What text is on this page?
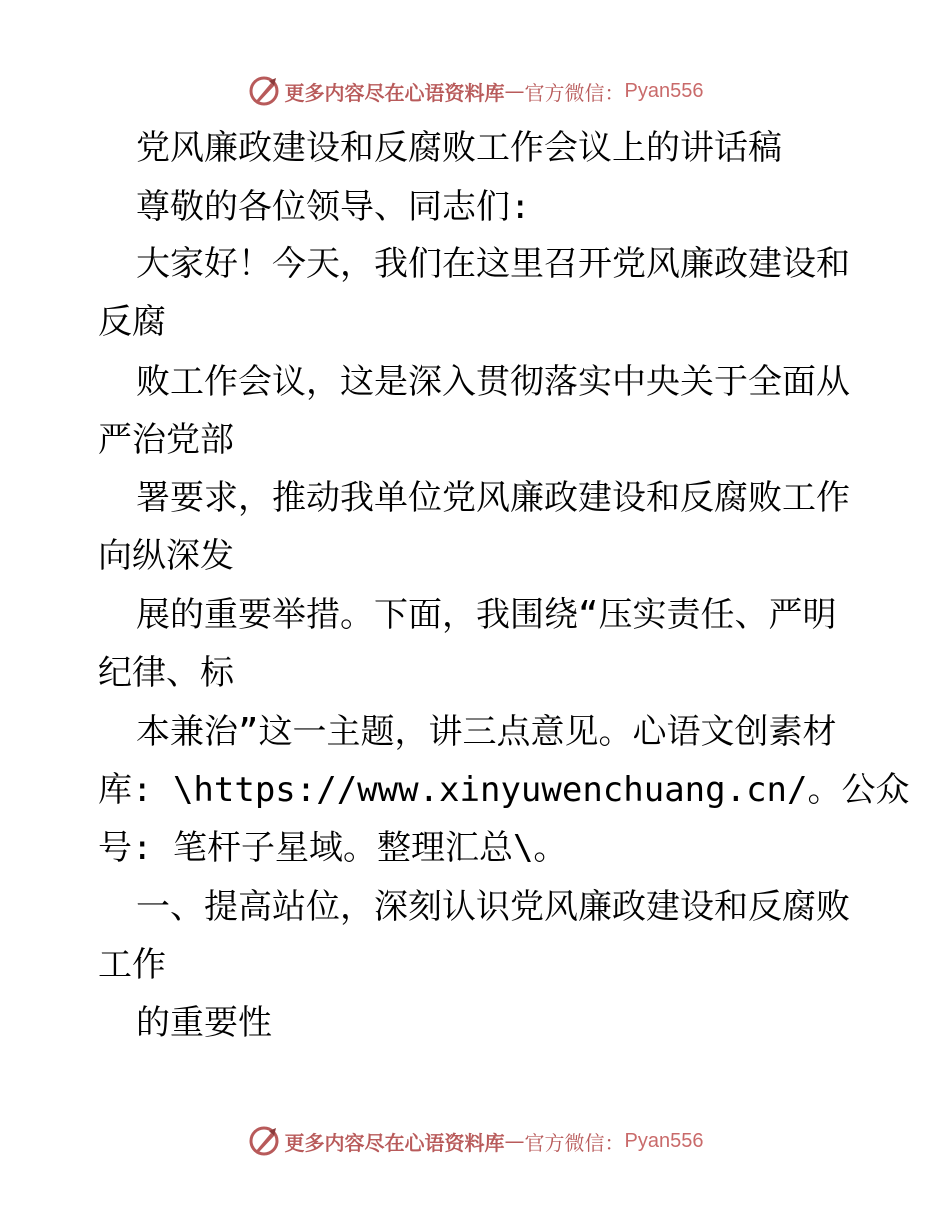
更多内容尽在心语资料库 — 官方微信： Pyan556
党风廉政建设和反腐败工作会议上的讲话稿
尊敬的各位领导、同志们:
大家好！今天，我们在这里召开党风廉政建设和
反腐
败工作会议，这是深入贯彻落实中央关于全面从
严治党部
署要求，推动我单位党风廉政建设和反腐败工作
向纵深发
展的重要举措。下面，我围绕“压实责任、严明
纪律、标
本兼治”这一主题，讲三点意见。心语文创素材
库: \https://www.xinyuwenchuang.cn/。公众
号: 笔杆子星域。整理汇总\。
一、提高站位，深刻认识党风廉政建设和反腐败
工作
的重要性
更多内容尽在心语资料库 — 官方微信： Pyan556
